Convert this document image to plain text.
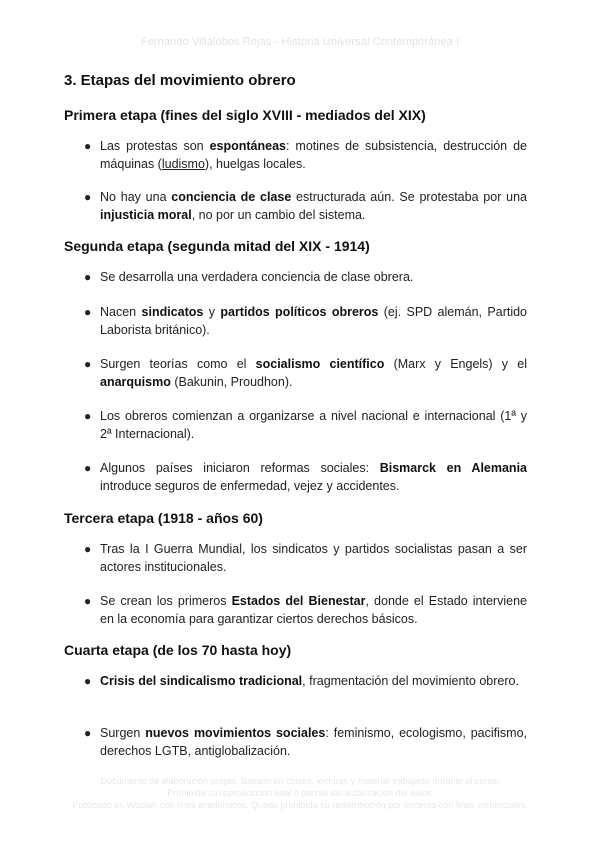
Fernando Villalobos Rojas - Historia Universal Contemporánea I
3. Etapas del movimiento obrero
Primera etapa (fines del siglo XVIII - mediados del XIX)
● Las protestas son espontáneas: motines de subsistencia, destrucción de máquinas (ludismo), huelgas locales.
● No hay una conciencia de clase estructurada aún. Se protestaba por una injusticia moral, no por un cambio del sistema.
Segunda etapa (segunda mitad del XIX - 1914)
● Se desarrolla una verdadera conciencia de clase obrera.
● Nacen sindicatos y partidos políticos obreros (ej. SPD alemán, Partido Laborista británico).
● Surgen teorías como el socialismo científico (Marx y Engels) y el anarquismo (Bakunin, Proudhon).
● Los obreros comienzan a organizarse a nivel nacional e internacional (1ª y 2ª Internacional).
● Algunos países iniciaron reformas sociales: Bismarck en Alemania introduce seguros de enfermedad, vejez y accidentes.
Tercera etapa (1918 - años 60)
● Tras la I Guerra Mundial, los sindicatos y partidos socialistas pasan a ser actores institucionales.
● Se crean los primeros Estados del Bienestar, donde el Estado interviene en la economía para garantizar ciertos derechos básicos.
Cuarta etapa (de los 70 hasta hoy)
● Crisis del sindicalismo tradicional, fragmentación del movimiento obrero.
● Surgen nuevos movimientos sociales: feminismo, ecologismo, pacifismo, derechos LGTB, antiglobalización.
Documento de elaboración propia. Basado en clases, lecturas y material trabajado durante el curso.
Prohibida su reproducción total o parcial sin autorización del autor.
Publicado en Wuolah con fines académicos. Queda prohibida su redistribución por terceros con fines comerciales.
